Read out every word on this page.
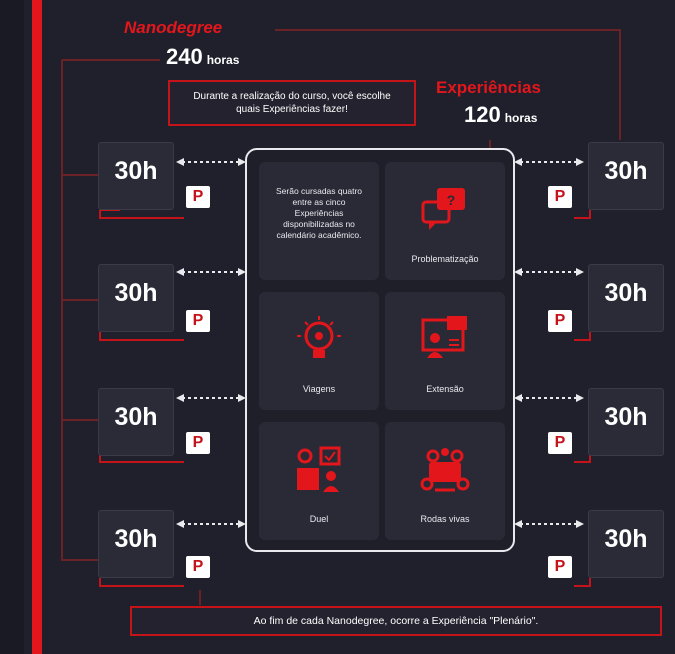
Nanodegree
240 horas
Durante a realização do curso, você escolhe quais Experiências fazer!
Experiências
120 horas
30h
P
30h
P
30h
P
30h
P
30h
P
30h
P
30h
P
30h
P
Serão cursadas quatro entre as cinco Experiências disponibilizadas no calendário acadêmico.
?
Problematização
Viagens	Extensão
Duel	Rodas vivas
Ao fim de cada Nanodegree, ocorre a Experiência "Plenário".
